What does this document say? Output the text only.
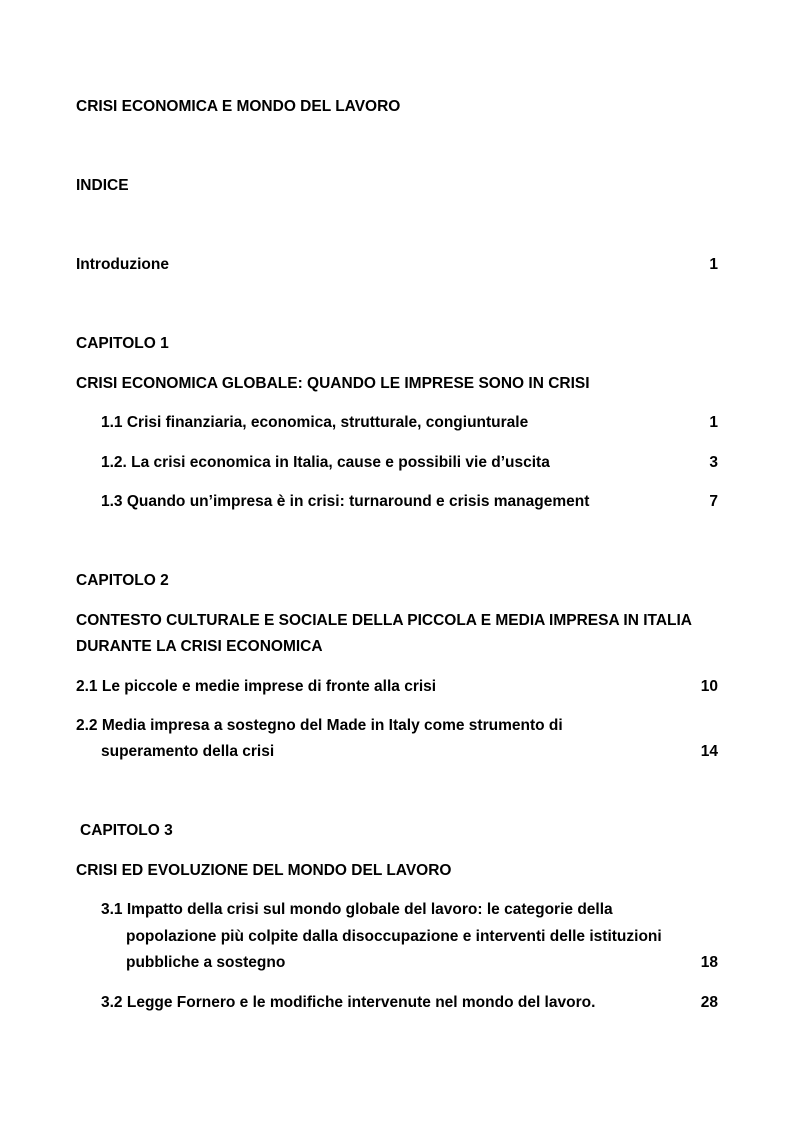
CRISI ECONOMICA E MONDO DEL LAVORO
INDICE
Introduzione	1
CAPITOLO 1
CRISI ECONOMICA GLOBALE: QUANDO LE IMPRESE SONO IN CRISI
1.1 Crisi finanziaria, economica, strutturale, congiunturale	1
1.2. La crisi economica in Italia, cause e possibili vie d’uscita	3
1.3 Quando un’impresa è in crisi: turnaround e crisis management	7
CAPITOLO 2
CONTESTO CULTURALE E SOCIALE DELLA PICCOLA E MEDIA IMPRESA IN ITALIA
DURANTE LA CRISI ECONOMICA
2.1 Le piccole e medie imprese di fronte alla crisi	10
2.2 Media impresa a sostegno del Made in Italy come strumento di
superamento della crisi	14
CAPITOLO 3
CRISI ED EVOLUZIONE DEL MONDO DEL LAVORO
3.1 Impatto della crisi sul mondo globale del lavoro: le categorie della
popolazione più colpite dalla disoccupazione e interventi delle istituzioni
pubbliche a sostegno	18
3.2 Legge Fornero e le modifiche intervenute nel mondo del lavoro.	28
